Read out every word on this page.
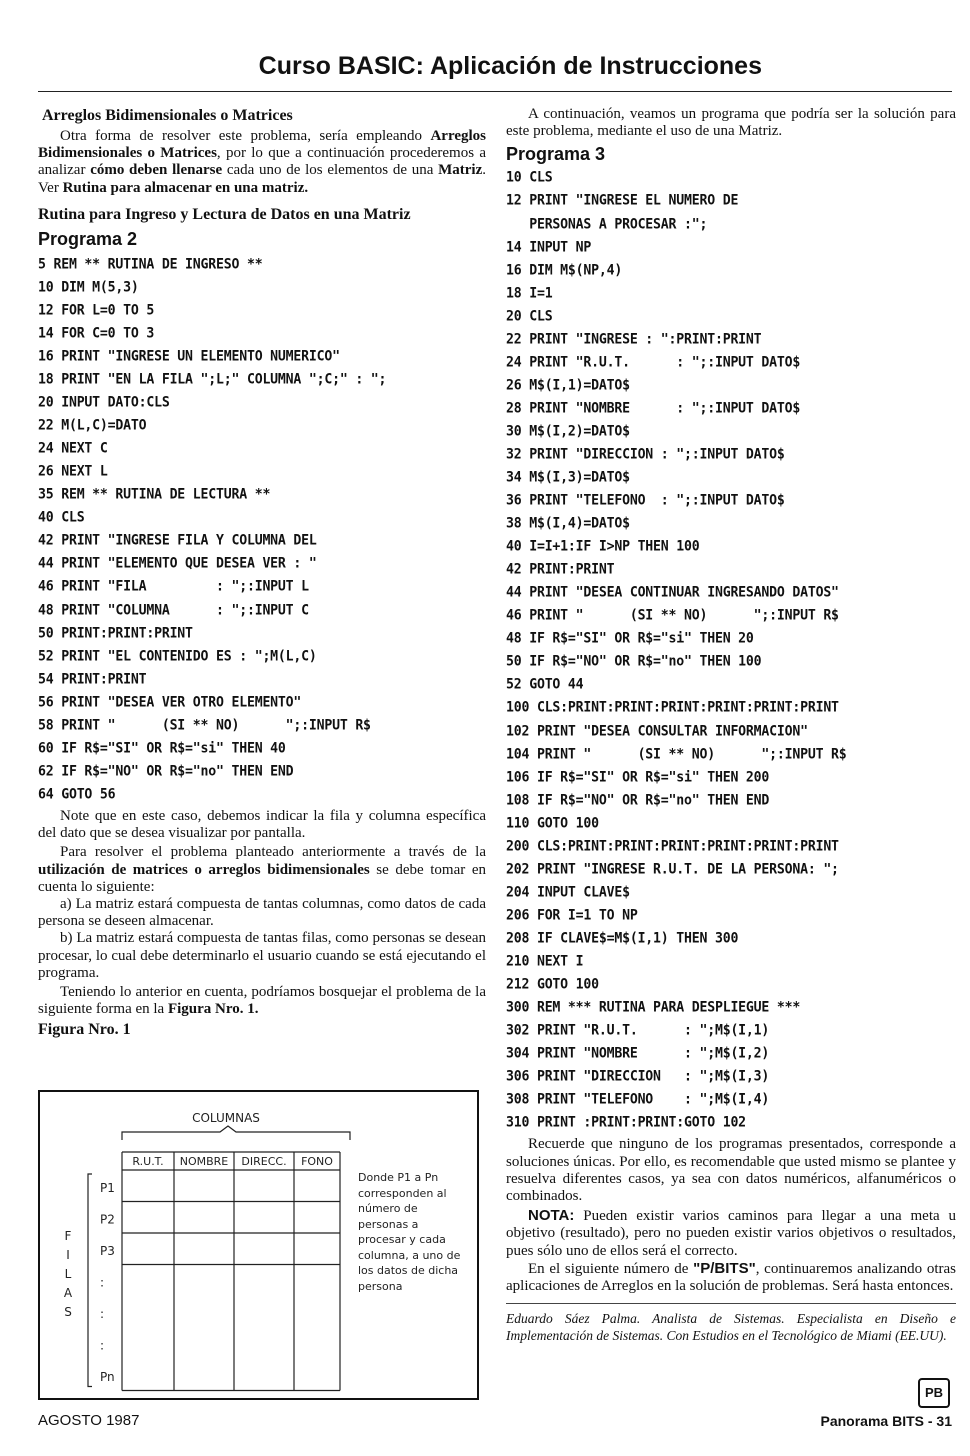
Curso BASIC: Aplicación de Instrucciones

Arreglos Bidimensionales o Matrices

Otra forma de resolver este problema, sería empleando Arreglos Bidimensionales o Matrices, por lo que a continuación procederemos a analizar cómo deben llenarse cada uno de los elementos de una Matriz. Ver Rutina para almacenar en una matriz.

Rutina para Ingreso y Lectura de Datos en una Matriz

Programa 2

5 REM ** RUTINA DE INGRESO **
10 DIM M(5,3)
12 FOR L=0 TO 5
14 FOR C=0 TO 3
16 PRINT "INGRESE UN ELEMENTO NUMERICO"
18 PRINT "EN LA FILA ";L;" COLUMNA ";C;" : ";
20 INPUT DATO:CLS
22 M(L,C)=DATO
24 NEXT C
26 NEXT L
35 REM ** RUTINA DE LECTURA **
40 CLS
42 PRINT "INGRESE FILA Y COLUMNA DEL
44 PRINT "ELEMENTO QUE DESEA VER : "
46 PRINT "FILA         : ";:INPUT L
48 PRINT "COLUMNA      : ";:INPUT C
50 PRINT:PRINT:PRINT
52 PRINT "EL CONTENIDO ES : ";M(L,C)
54 PRINT:PRINT
56 PRINT "DESEA VER OTRO ELEMENTO"
58 PRINT "      (SI ** NO)      ";:INPUT R$
60 IF R$="SI" OR R$="si" THEN 40
62 IF R$="NO" OR R$="no" THEN END
64 GOTO 56

Note que en este caso, debemos indicar la fila y columna específica del dato que se desea visualizar por pantalla.

Para resolver el problema planteado anteriormente a través de la utilización de matrices o arreglos bidimensionales se debe tomar en cuenta lo siguiente:

a) La matriz estará compuesta de tantas columnas, como datos de cada persona se deseen almacenar.

b) La matriz estará compuesta de tantas filas, como personas se desean procesar, lo cual debe determinarlo el usuario cuando se está ejecutando el programa.

Teniendo lo anterior en cuenta, podríamos bosquejar el problema de la siguiente forma en la Figura Nro. 1.

Figura Nro. 1

COLUMNAS
R.U.T. NOMBRE DIRECC. FONO
P1
P2
P3
:
:
:
Pn
F
I
L
A
S
Donde P1 a Pn corresponden al número de personas a procesar y cada columna, a uno de los datos de dicha persona

A continuación, veamos un programa que podría ser la solución para este problema, mediante el uso de una Matriz.

Programa 3

10 CLS
12 PRINT "INGRESE EL NUMERO DE
PERSONAS A PROCESAR :";
14 INPUT NP
16 DIM M$(NP,4)
18 I=1
20 CLS
22 PRINT "INGRESE : ":PRINT:PRINT
24 PRINT "R.U.T.      : ";:INPUT DATO$
26 M$(I,1)=DATO$
28 PRINT "NOMBRE      : ";:INPUT DATO$
30 M$(I,2)=DATO$
32 PRINT "DIRECCION : ";:INPUT DATO$
34 M$(I,3)=DATO$
36 PRINT "TELEFONO  : ";:INPUT DATO$
38 M$(I,4)=DATO$
40 I=I+1:IF I>NP THEN 100
42 PRINT:PRINT
44 PRINT "DESEA CONTINUAR INGRESANDO DATOS"
46 PRINT "      (SI ** NO)      ";:INPUT R$
48 IF R$="SI" OR R$="si" THEN 20
50 IF R$="NO" OR R$="no" THEN 100
52 GOTO 44
100 CLS:PRINT:PRINT:PRINT:PRINT:PRINT:PRINT
102 PRINT "DESEA CONSULTAR INFORMACION"
104 PRINT "      (SI ** NO)      ";:INPUT R$
106 IF R$="SI" OR R$="si" THEN 200
108 IF R$="NO" OR R$="no" THEN END
110 GOTO 100
200 CLS:PRINT:PRINT:PRINT:PRINT:PRINT:PRINT
202 PRINT "INGRESE R.U.T. DE LA PERSONA: ";
204 INPUT CLAVE$
206 FOR I=1 TO NP
208 IF CLAVE$=M$(I,1) THEN 300
210 NEXT I
212 GOTO 100
300 REM *** RUTINA PARA DESPLIEGUE ***
302 PRINT "R.U.T.      : ";M$(I,1)
304 PRINT "NOMBRE      : ";M$(I,2)
306 PRINT "DIRECCION   : ";M$(I,3)
308 PRINT "TELEFONO    : ";M$(I,4)
310 PRINT :PRINT:PRINT:GOTO 102

Recuerde que ninguno de los programas presentados, corresponde a soluciones únicas. Por ello, es recomendable que usted mismo se plantee y resuelva diferentes casos, ya sea con datos numéricos, alfanuméricos o combinados.

NOTA: Pueden existir varios caminos para llegar a una meta u objetivo (resultado), pero no pueden existir varios objetivos o resultados, pues sólo uno de ellos será el correcto.

En el siguiente número de "P/BITS", continuaremos analizando otras aplicaciones de Arreglos en la solución de problemas. Será hasta entonces.

Eduardo Sáez Palma. Analista de Sistemas. Especialista en Diseño e Implementación de Sistemas. Con Estudios en el Tecnológico de Miami (EE.UU).

PB
AGOSTO 1987	Panorama BITS - 31
